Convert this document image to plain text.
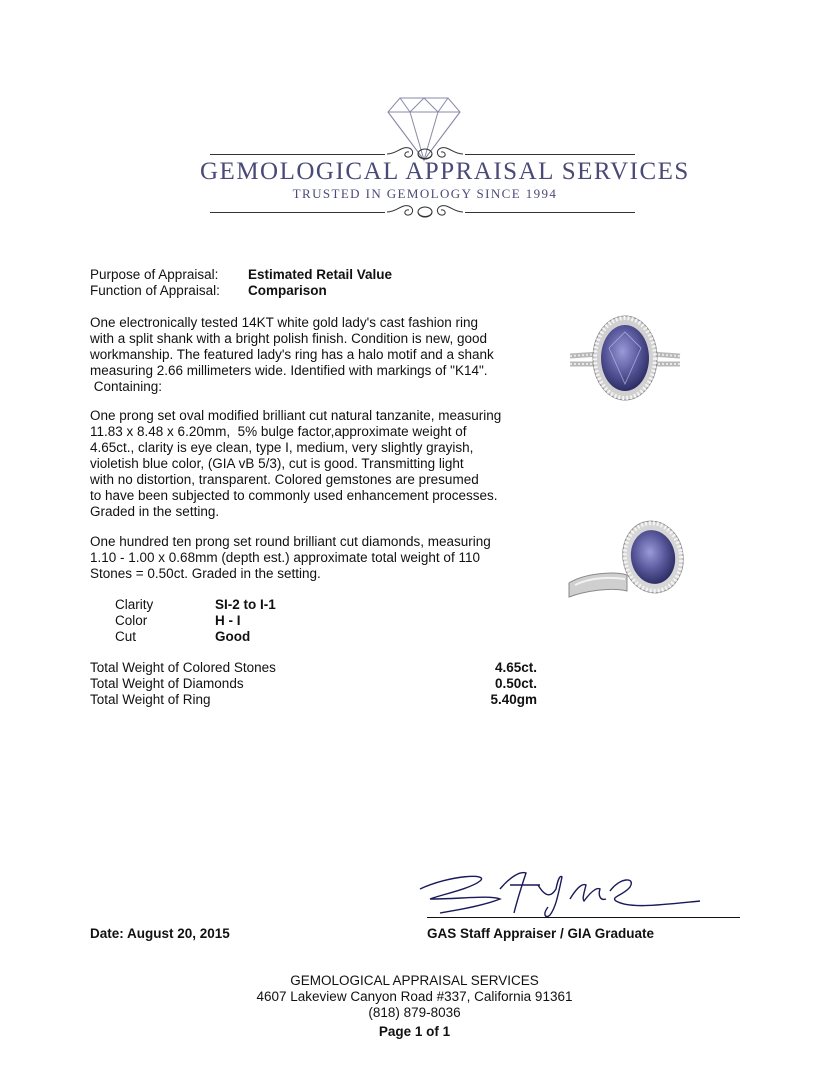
GEMOLOGICAL APPRAISAL SERVICES
TRUSTED IN GEMOLOGY SINCE 1994
Purpose of Appraisal: Estimated Retail Value
Function of Appraisal: Comparison
One electronically tested 14KT white gold lady's cast fashion ring
with a split shank with a bright polish finish. Condition is new, good
workmanship. The featured lady's ring has a halo motif and a shank
measuring 2.66 millimeters wide. Identified with markings of "K14".
Containing:
One prong set oval modified brilliant cut natural tanzanite, measuring
11.83 x 8.48 x 6.20mm,  5% bulge factor,approximate weight of
4.65ct., clarity is eye clean, type I, medium, very slightly grayish,
violetish blue color, (GIA vB 5/3), cut is good. Transmitting light
with no distortion, transparent. Colored gemstones are presumed
to have been subjected to commonly used enhancement processes.
Graded in the setting.
One hundred ten prong set round brilliant cut diamonds, measuring
1.10 - 1.00 x 0.68mm (depth est.) approximate total weight of 110
Stones = 0.50ct. Graded in the setting.
Clarity	SI-2 to I-1
Color	H - I
Cut	Good
Total Weight of Colored Stones	4.65ct.
Total Weight of Diamonds	0.50ct.
Total Weight of Ring	5.40gm
Date: August 20, 2015	GAS Staff Appraiser / GIA Graduate
GEMOLOGICAL APPRAISAL SERVICES
4607 Lakeview Canyon Road #337, California 91361
(818) 879-8036
Page 1 of 1
